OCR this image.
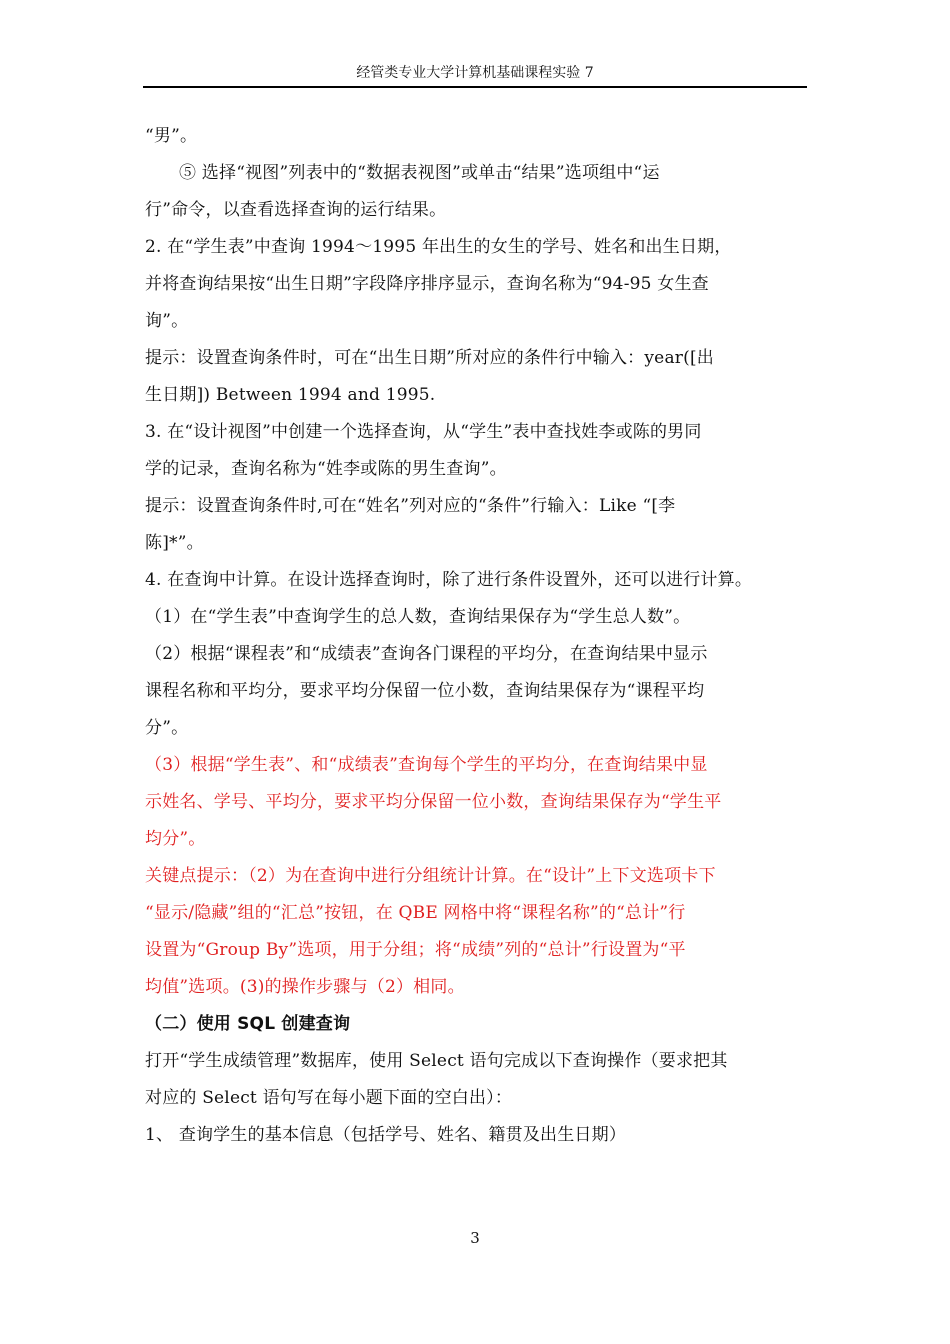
经管类专业大学计算机基础课程实验 7
“男”。
⑤ 选择“视图”列表中的“数据表视图”或单击“结果”选项组中“运
行”命令，以查看选择查询的运行结果。
2. 在“学生表”中查询 1994～1995 年出生的女生的学号、姓名和出生日期，
并将查询结果按“出生日期”字段降序排序显示，查询名称为“94-95 女生查
询”。
提示：设置查询条件时，可在“出生日期”所对应的条件行中输入：year([出
生日期]) Between 1994 and 1995.
3. 在“设计视图”中创建一个选择查询，从“学生”表中查找姓李或陈的男同
学的记录，查询名称为“姓李或陈的男生查询”。
提示：设置查询条件时,可在“姓名”列对应的“条件”行输入：Like “[李
陈]*”。
4. 在查询中计算。在设计选择查询时，除了进行条件设置外，还可以进行计算。
（1）在“学生表”中查询学生的总人数，查询结果保存为“学生总人数”。
（2）根据“课程表”和“成绩表”查询各门课程的平均分，在查询结果中显示
课程名称和平均分，要求平均分保留一位小数，查询结果保存为“课程平均
分”。
（3）根据“学生表”、和“成绩表”查询每个学生的平均分，在查询结果中显
示姓名、学号、平均分，要求平均分保留一位小数，查询结果保存为“学生平
均分”。
关键点提示：（2）为在查询中进行分组统计计算。在“设计”上下文选项卡下
“显示/隐藏”组的“汇总”按钮，在 QBE 网格中将“课程名称”的“总计”行
设置为“Group By”选项，用于分组；将“成绩”列的“总计”行设置为“平
均值”选项。(3)的操作步骤与（2）相同。
（二）使用 SQL 创建查询
打开“学生成绩管理”数据库，使用 Select 语句完成以下查询操作（要求把其
对应的 Select 语句写在每小题下面的空白出）：
1、 查询学生的基本信息（包括学号、姓名、籍贯及出生日期）
3
